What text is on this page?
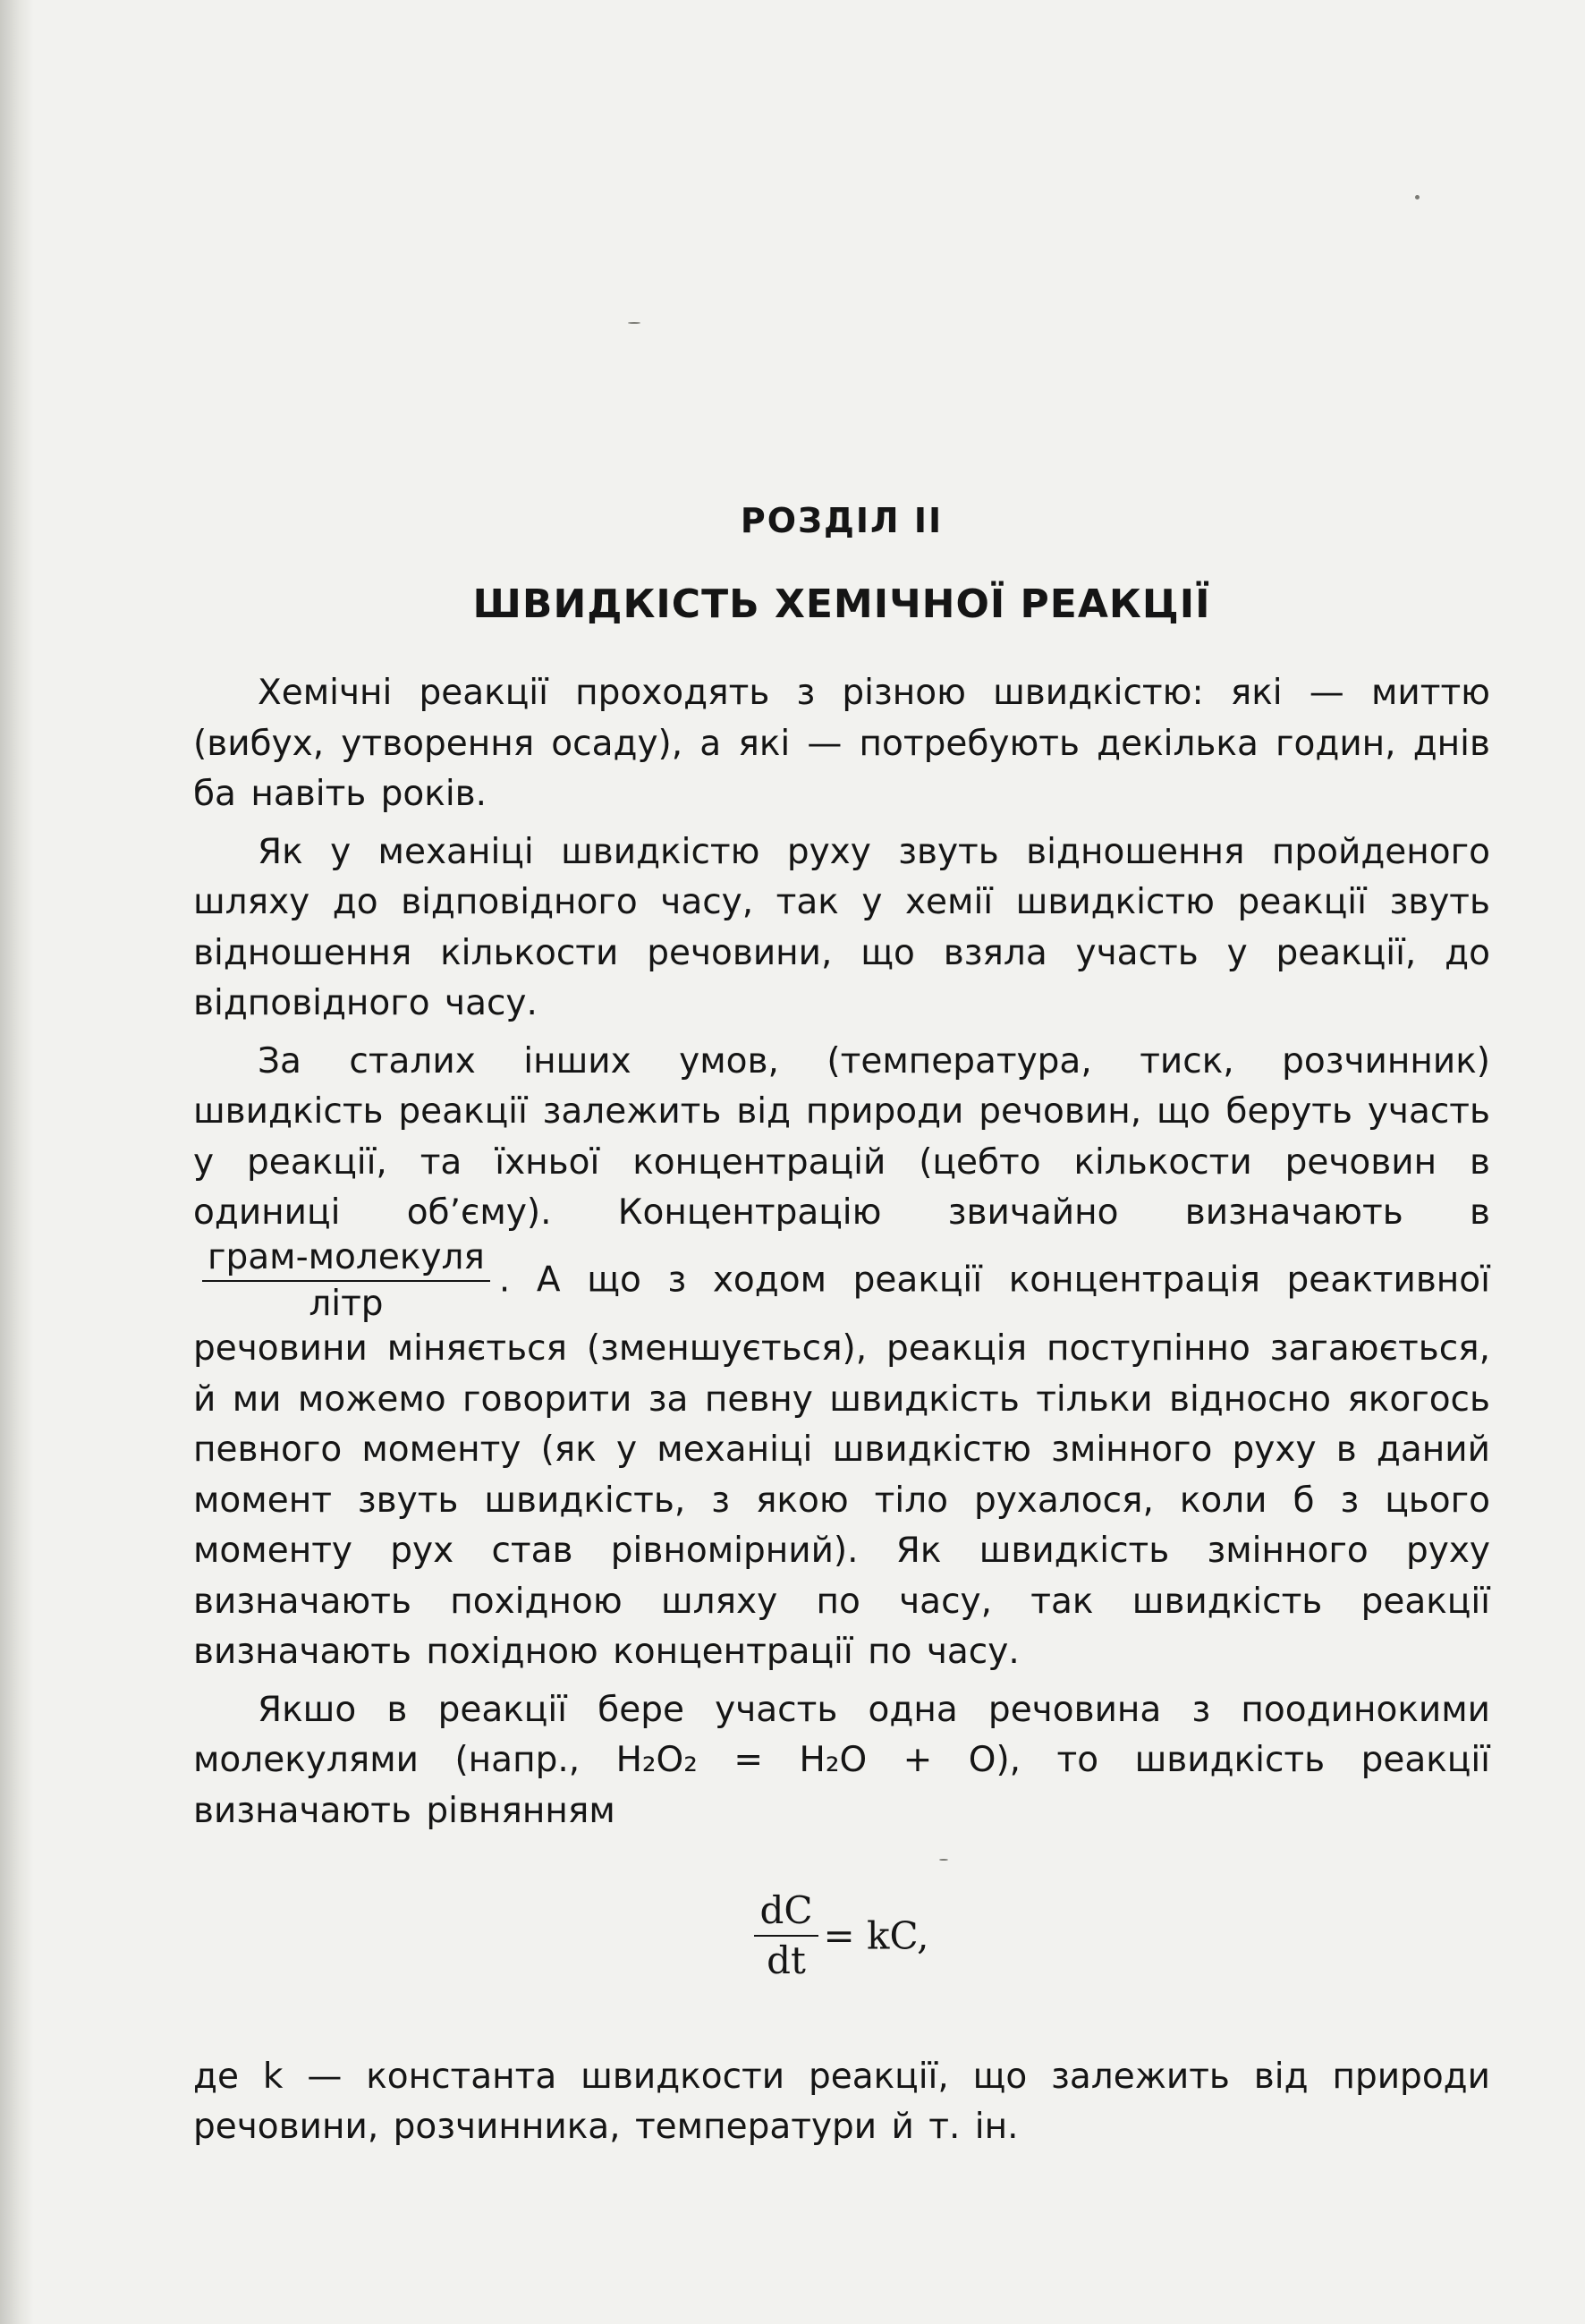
РОЗДІЛ II
ШВИДКІСТЬ ХЕМІЧНОЇ РЕАКЦІЇ

Хемічні реакції проходять з різною швидкістю: які — миттю (вибух, утворення осаду), а які — потребують декілька годин, днів ба навіть років.

Як у механіці швидкістю руху звуть відношення пройденого шляху до відповідного часу, так у хемії швидкістю реакції звуть відношення кількости речовини, що взяла участь у реакції, до відповідного часу.

За сталих інших умов, (температура, тиск, розчинник) швидкість реакції залежить від природи речовин, що беруть участь у реакції, та їхньої концентрацій (цебто кількости речовин в одиниці об’єму). Концентрацію звичайно визначають в
$\frac{\text{грам-молекуля}}{\text{літр}}$ . А що з ходом реакції концентрація реактивної речовини міняється (зменшується), реакція поступінно загаюється, й ми можемо говорити за певну швидкість тільки відносно якогось певного моменту (як у механіці швидкістю змінного руху в даний момент звуть швидкість, з якою тіло рухалося, коли б з цього моменту рух став рівномірний). Як швидкість змінного руху визначають похідною шляху по часу, так швидкість реакції визначають похідною концентрації по часу.

Якшо в реакції бере участь одна речовина з поодинокими молекулями (напр., H₂O₂ = H₂O + O), то швидкість реакції визначають рівнянням

$\frac{dC}{dt}$ = kC,

де k — константа швидкости реакції, що залежить від природи речовини, розчинника, температури й т. ін.
